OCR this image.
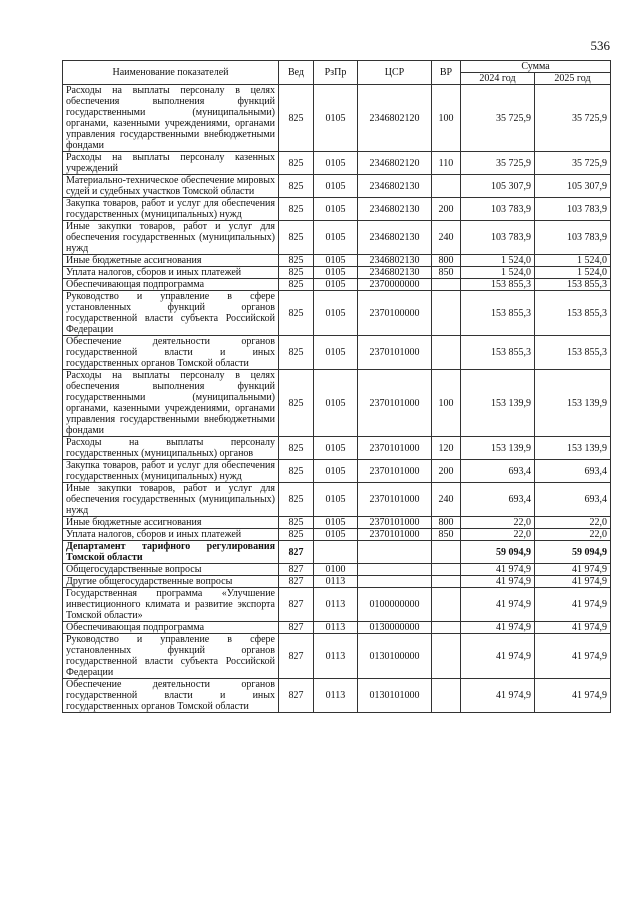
536
Наименование показателей	Вед	РзПр	ЦСР	ВР	Сумма	
					2024 год	2025 год
Расходы на выплаты персоналу в целях обеспечения выполнения функций государственными (муниципальными) органами, казенными учреждениями, органами управления государственными внебюджетными фондами	825	0105	2346802120	100	35 725,9	35 725,9
Расходы на выплаты персоналу казенных учреждений	825	0105	2346802120	110	35 725,9	35 725,9
Материально-техническое обеспечение мировых судей и судебных участков Томской области	825	0105	2346802130		105 307,9	105 307,9
Закупка товаров, работ и услуг для обеспечения государственных (муниципальных) нужд	825	0105	2346802130	200	103 783,9	103 783,9
Иные закупки товаров, работ и услуг для обеспечения государственных (муниципальных) нужд	825	0105	2346802130	240	103 783,9	103 783,9
Иные бюджетные ассигнования	825	0105	2346802130	800	1 524,0	1 524,0
Уплата налогов, сборов и иных платежей	825	0105	2346802130	850	1 524,0	1 524,0
Обеспечивающая подпрограмма	825	0105	2370000000		153 855,3	153 855,3
Руководство и управление в сфере установленных функций органов государственной власти субъекта Российской Федерации	825	0105	2370100000		153 855,3	153 855,3
Обеспечение деятельности органов государственной власти и иных государственных органов Томской области	825	0105	2370101000		153 855,3	153 855,3
Расходы на выплаты персоналу в целях обеспечения выполнения функций государственными (муниципальными) органами, казенными учреждениями, органами управления государственными внебюджетными фондами	825	0105	2370101000	100	153 139,9	153 139,9
Расходы на выплаты персоналу государственных (муниципальных) органов	825	0105	2370101000	120	153 139,9	153 139,9
Закупка товаров, работ и услуг для обеспечения государственных (муниципальных) нужд	825	0105	2370101000	200	693,4	693,4
Иные закупки товаров, работ и услуг для обеспечения государственных (муниципальных) нужд	825	0105	2370101000	240	693,4	693,4
Иные бюджетные ассигнования	825	0105	2370101000	800	22,0	22,0
Уплата налогов, сборов и иных платежей	825	0105	2370101000	850	22,0	22,0
Департамент тарифного регулирования Томской области	827				59 094,9	59 094,9
Общегосударственные вопросы	827	0100			41 974,9	41 974,9
Другие общегосударственные вопросы	827	0113			41 974,9	41 974,9
Государственная программа «Улучшение инвестиционного климата и развитие экспорта Томской области»	827	0113	0100000000		41 974,9	41 974,9
Обеспечивающая подпрограмма	827	0113	0130000000		41 974,9	41 974,9
Руководство и управление в сфере установленных функций органов государственной власти субъекта Российской Федерации	827	0113	0130100000		41 974,9	41 974,9
Обеспечение деятельности органов государственной власти и иных государственных органов Томской области	827	0113	0130101000		41 974,9	41 974,9
